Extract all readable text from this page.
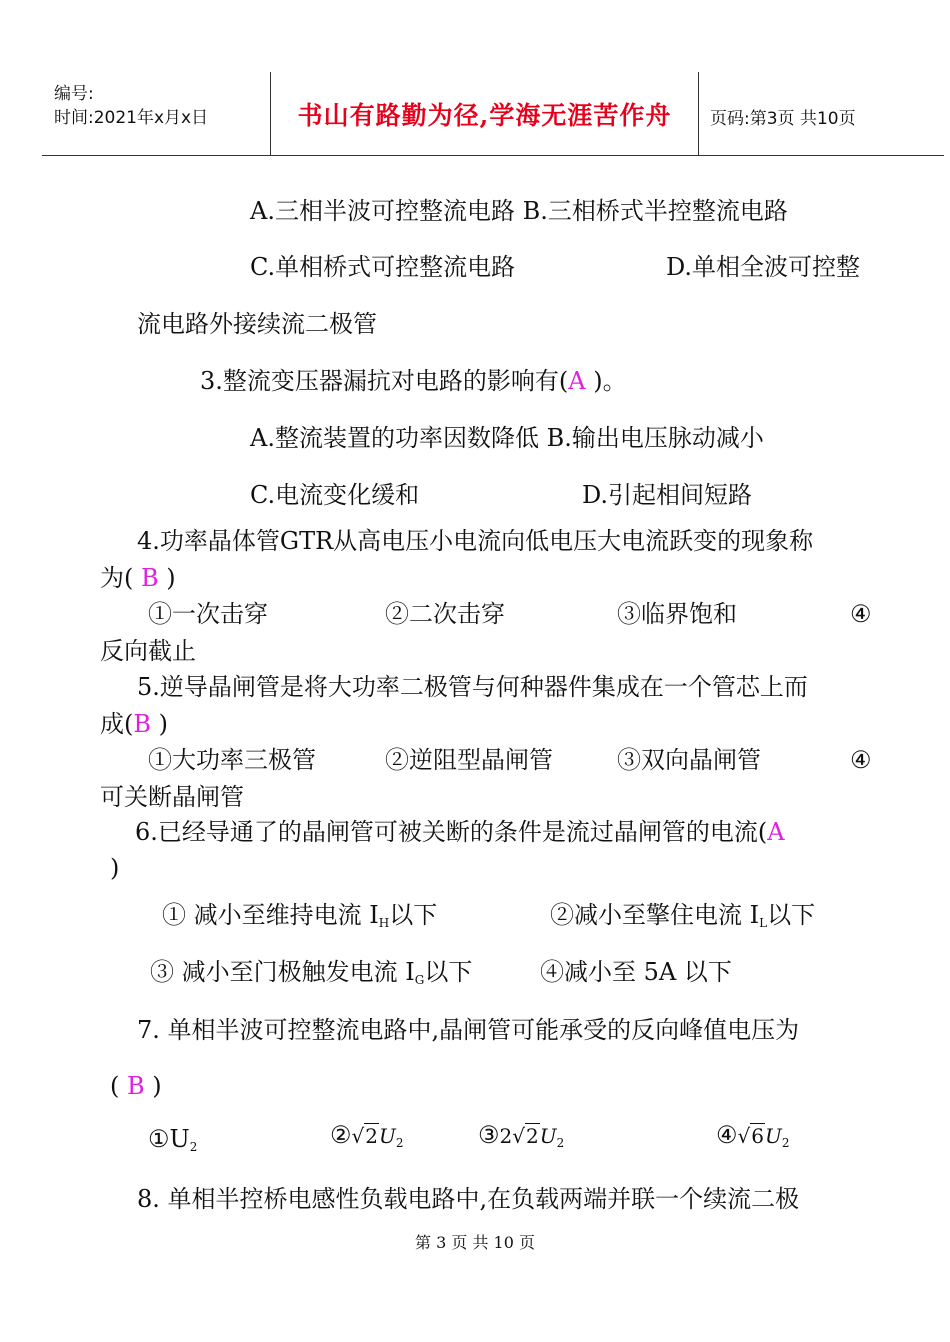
编号:
时间:2021年x月x日	书山有路勤为径,学海无涯苦作舟 页码:第3页 共10页
A.三相半波可控整流电路 B.三相桥式半控整流电路
C.单相桥式可控整流电路	D.单相全波可控整
流电路外接续流二极管
3.整流变压器漏抗对电路的影响有(A )。
A.整流装置的功率因数降低 B.输出电压脉动减小
C.电流变化缓和	D.引起相间短路
4.功率晶体管GTR从高电压小电流向低电压大电流跃变的现象称
为( B )
①一次击穿	②二次击穿	③临界饱和	④
反向截止
5.逆导晶闸管是将大功率二极管与何种器件集成在一个管芯上而
成(B )
①大功率三极管	②逆阻型晶闸管	③双向晶闸管	④
可关断晶闸管
6.已经导通了的晶闸管可被关断的条件是流过晶闸管的电流(A
)
① 减小至维持电流 $I_H$以下	②减小至擎住电流 $I_L$以下
③ 减小至门极触发电流 $I_G$以下	④减小至 5A 以下
7. 单相半波可控整流电路中,晶闸管可能承受的反向峰值电压为
( B )
$①U_2$	$②√2U_2$	$③2√2U_2$	$④√6U_2$
8. 单相半控桥电感性负载电路中,在负载两端并联一个续流二极
第 3 页 共 10 页
